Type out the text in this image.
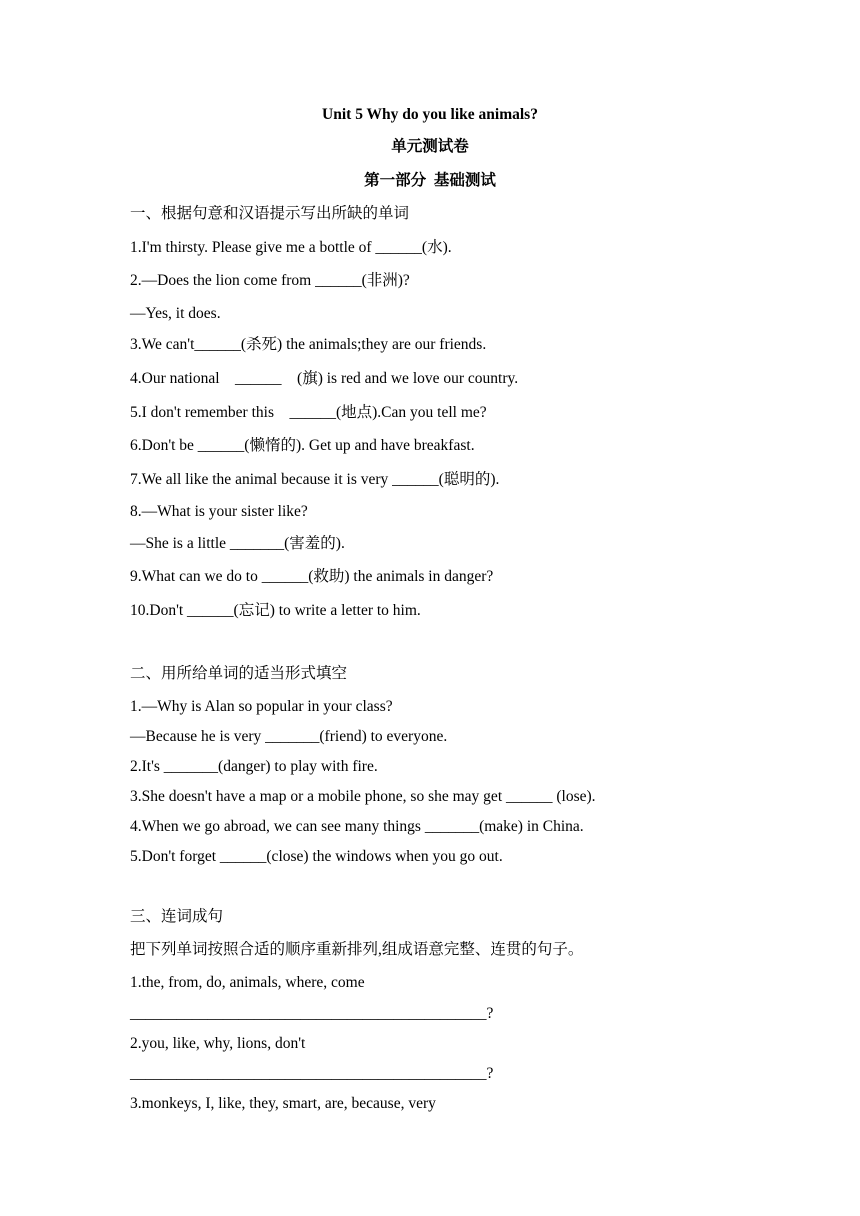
Unit 5 Why do you like animals?
单元测试卷
第一部分  基础测试
一、根据句意和汉语提示写出所缺的单词
1.I'm thirsty. Please give me a bottle of ______(水).
2.—Does the lion come from ______(非洲)?
—Yes, it does.
3.We can't______(杀死) the animals;they are our friends.
4.Our national    ______    (旗) is red and we love our country.
5.I don't remember this    ______(地点).Can you tell me?
6.Don't be ______(懒惰的). Get up and have breakfast.
7.We all like the animal because it is very ______(聪明的).
8.—What is your sister like?
—She is a little _______(害羞的).
9.What can we do to ______(救助) the animals in danger?
10.Don't ______(忘记) to write a letter to him.
二、用所给单词的适当形式填空
1.—Why is Alan so popular in your class?
—Because he is very _______(friend) to everyone.
2.It's _______(danger) to play with fire.
3.She doesn't have a map or a mobile phone, so she may get ______ (lose).
4.When we go abroad, we can see many things _______(make) in China.
5.Don't forget ______(close) the windows when you go out.
三、连词成句
把下列单词按照合适的顺序重新排列,组成语意完整、连贯的句子。
1.the, from, do, animals, where, come
______________________________________________?
2.you, like, why, lions, don't
______________________________________________?
3.monkeys, I, like, they, smart, are, because, very
